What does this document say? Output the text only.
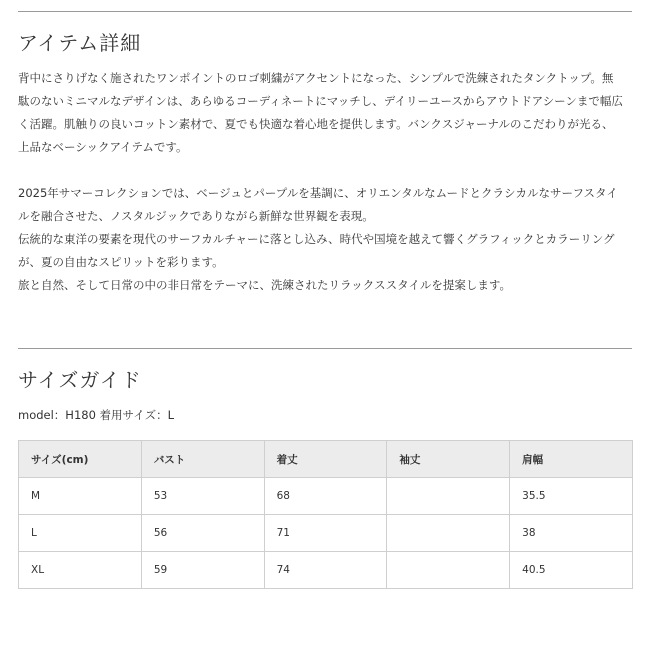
アイテム詳細

背中にさりげなく施されたワンポイントのロゴ刺繍がアクセントになった、シンプルで洗練されたタンクトップ。無

駄のないミニマルなデザインは、あらゆるコーディネートにマッチし、デイリーユースからアウトドアシーンまで幅広

く活躍。肌触りの良いコットン素材で、夏でも快適な着心地を提供します。バンクスジャーナルのこだわりが光る、

上品なベーシックアイテムです。

2025年サマーコレクションでは、ベージュとパープルを基調に、オリエンタルなムードとクラシカルなサーフスタイ

ルを融合させた、ノスタルジックでありながら新鮮な世界観を表現。

伝統的な東洋の要素を現代のサーフカルチャーに落とし込み、時代や国境を越えて響くグラフィックとカラーリング

が、夏の自由なスピリットを彩ります。

旅と自然、そして日常の中の非日常をテーマに、洗練されたリラックススタイルを提案します。

サイズガイド
model：H180 着用サイズ：L
サイズ(cm)	バスト	着丈	袖丈	肩幅
M	53	68		35.5
L	56	71		38
XL	59	74		40.5
